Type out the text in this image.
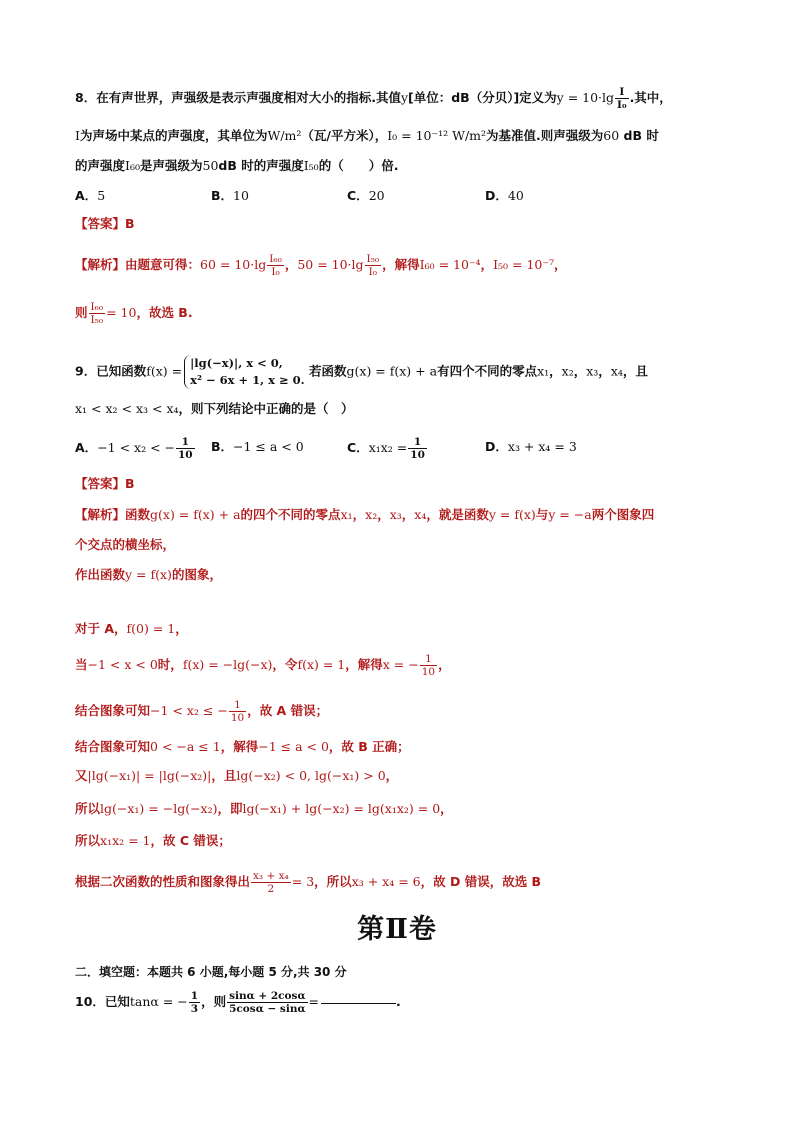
8．在有声世界，声强级是表示声强度相对大小的指标.其值y[单位：dB（分贝）]定义为$y = 10\cdot\lg \frac{I}{\text{I₀}}$ .其中，
I为声场中某点的声强度，其单位为W/m²（瓦/平方米），I₀ = 10⁻¹² W/m²为基准值.则声强级为60 dB 时
的声强度I₆₀是声强级为50dB 时的声强度I₅₀的（　　）倍.
A．5	B．10	C．20	D．40
【答案】B
【解析】由题意可得：$60 = 10\cdot\lg \frac{\text{I₆₀}}{\text{I₀}}$ ，$50 = 10\cdot\lg \frac{\text{I₅₀}}{\text{I₀}}$ ，解得I₆₀ = 10⁻⁴，I₅₀ = 10⁻⁷，
则 $\frac{\text{I₆₀}}{\text{I₅₀}} = 10$，故选 B.
9．已知函数f(x) =
|lg(−x)|, x < 0,
x² − 6x + 1, x ≥ 0.
若函数g(x) = f(x) + a有四个不同的零点x₁，x₂，x₃，x₄，且
x₁ < x₂ < x₃ < x₄，则下列结论中正确的是（　）
A．−1 < x₂ < − $\frac{1}{10}$ B．−1 ≤ a < 0	C．$x_1x_2 = \frac{1}{10}$	D．x₃ + x₄ = 3
【答案】B
【解析】函数g(x) = f(x) + a的四个不同的零点x₁，x₂，x₃，x₄，就是函数y = f(x)与y = −a两个图象四
个交点的横坐标，
作出函数y = f(x)的图象，
对于 A，f(0) = 1，
当−1 < x < 0时，f(x) = −lg(−x)，令f(x) = 1，解得x = − $\frac{1}{10}$ ，
结合图象可知−1 < x₂ ≤ − $\frac{1}{10}$ ，故 A 错误；
结合图象可知0 < −a ≤ 1，解得−1 ≤ a < 0，故 B 正确；
又|lg(−x₁)| = |lg(−x₂)|，且lg(−x₂) < 0, lg(−x₁) > 0，
所以lg(−x₁) = −lg(−x₂)，即lg(−x₁) + lg(−x₂) = lg(x₁x₂) = 0，
所以x₁x₂ = 1，故 C 错误；
根据二次函数的性质和图象得出 $\frac{\text{x₃ + x₄}}{2} = 3$，所以x₃ + x₄ = 6，故 D 错误，故选 B
第Ⅱ卷
二．填空题：本题共 6 小题,每小题 5 分,共 30 分
10．已知tanα = − $\frac{1}{3}$ ，则 $\frac{\sin\alpha + 2\cos\alpha}{5\cos\alpha - \sin\alpha}$ =	.
